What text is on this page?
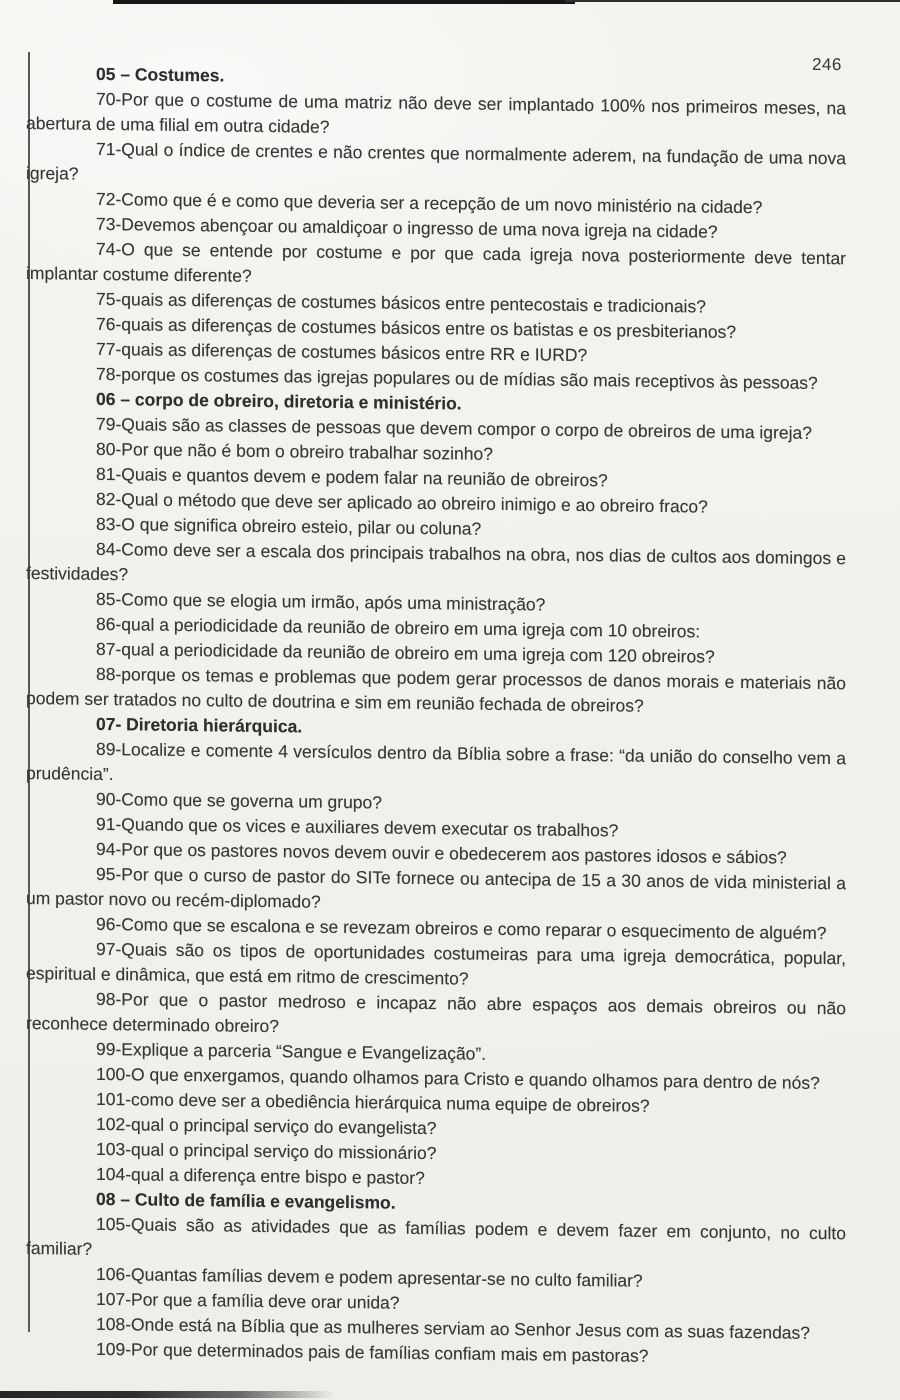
246

05 – Costumes.

70-Por que o costume de uma matriz não deve ser implantado 100% nos primeiros meses, na abertura de uma filial em outra cidade?

71-Qual o índice de crentes e não crentes que normalmente aderem, na fundação de uma nova igreja?

72-Como que é e como que deveria ser a recepção de um novo ministério na cidade?

73-Devemos abençoar ou amaldiçoar o ingresso de uma nova igreja na cidade?

74-O que se entende por costume e por que cada igreja nova posteriormente deve tentar implantar costume diferente?

75-quais as diferenças de costumes básicos entre pentecostais e tradicionais?

76-quais as diferenças de costumes básicos entre os batistas e os presbiterianos?

77-quais as diferenças de costumes básicos entre RR e IURD?

78-porque os costumes das igrejas populares ou de mídias são mais receptivos às pessoas?

06 – corpo de obreiro, diretoria e ministério.

79-Quais são as classes de pessoas que devem compor o corpo de obreiros de uma igreja?

80-Por que não é bom o obreiro trabalhar sozinho?

81-Quais e quantos devem e podem falar na reunião de obreiros?

82-Qual o método que deve ser aplicado ao obreiro inimigo e ao obreiro fraco?

83-O que significa obreiro esteio, pilar ou coluna?

84-Como deve ser a escala dos principais trabalhos na obra, nos dias de cultos aos domingos e festividades?

85-Como que se elogia um irmão, após uma ministração?

86-qual a periodicidade da reunião de obreiro em uma igreja com 10 obreiros:

87-qual a periodicidade da reunião de obreiro em uma igreja com 120 obreiros?

88-porque os temas e problemas que podem gerar processos de danos morais e materiais não podem ser tratados no culto de doutrina e sim em reunião fechada de obreiros?

07- Diretoria hierárquica.

89-Localize e comente 4 versículos dentro da Bíblia sobre a frase: “da união do conselho vem a prudência”.

90-Como que se governa um grupo?

91-Quando que os vices e auxiliares devem executar os trabalhos?

94-Por que os pastores novos devem ouvir e obedecerem aos pastores idosos e sábios?

95-Por que o curso de pastor do SITe fornece ou antecipa de 15 a 30 anos de vida ministerial a um pastor novo ou recém-diplomado?

96-Como que se escalona e se revezam obreiros e como reparar o esquecimento de alguém?

97-Quais são os tipos de oportunidades costumeiras para uma igreja democrática, popular, espiritual e dinâmica, que está em ritmo de crescimento?

98-Por que o pastor medroso e incapaz não abre espaços aos demais obreiros ou não reconhece determinado obreiro?

99-Explique a parceria “Sangue e Evangelização”.

100-O que enxergamos, quando olhamos para Cristo e quando olhamos para dentro de nós?

101-como deve ser a obediência hierárquica numa equipe de obreiros?

102-qual o principal serviço do evangelista?

103-qual o principal serviço do missionário?

104-qual a diferença entre bispo e pastor?

08 – Culto de família e evangelismo.

105-Quais são as atividades que as famílias podem e devem fazer em conjunto, no culto familiar?

106-Quantas famílias devem e podem apresentar-se no culto familiar?

107-Por que a família deve orar unida?

108-Onde está na Bíblia que as mulheres serviam ao Senhor Jesus com as suas fazendas?

109-Por que determinados pais de famílias confiam mais em pastoras?
